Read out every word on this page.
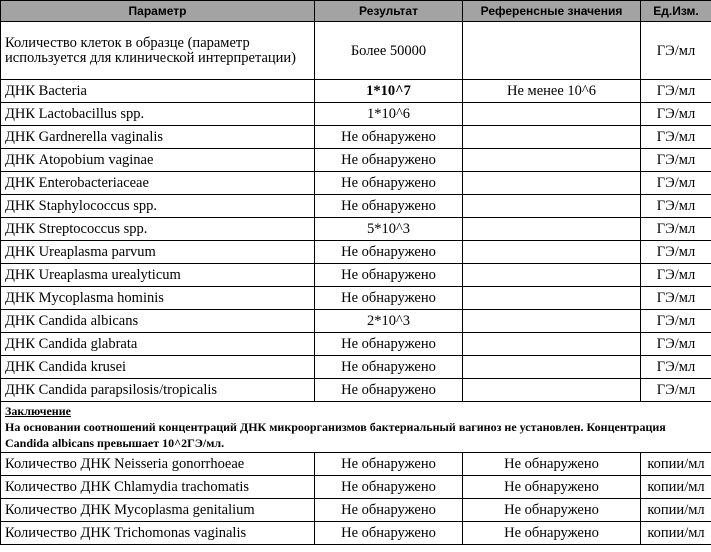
Параметр	Результат	Референсные значения	Ед.Изм.
Количество клеток в образце (параметр используется для клинической интерпретации)	Более 50000		ГЭ/мл
ДНК Bacteria	1*10^7	Не менее 10^6	ГЭ/мл
ДНК Lactobacillus spp.	1*10^6		ГЭ/мл
ДНК Gardnerella vaginalis	Не обнаружено		ГЭ/мл
ДНК Atopobium vaginae	Не обнаружено		ГЭ/мл
ДНК Enterobacteriaceae	Не обнаружено		ГЭ/мл
ДНК Staphylococcus spp.	Не обнаружено		ГЭ/мл
ДНК Streptococcus spp.	5*10^3		ГЭ/мл
ДНК Ureaplasma parvum	Не обнаружено		ГЭ/мл
ДНК Ureaplasma urealyticum	Не обнаружено		ГЭ/мл
ДНК Mycoplasma hominis	Не обнаружено		ГЭ/мл
ДНК Candida albicans	2*10^3		ГЭ/мл
ДНК Candida glabrata	Не обнаружено		ГЭ/мл
ДНК Candida krusei	Не обнаружено		ГЭ/мл
ДНК Candida parapsilosis/tropicalis	Не обнаружено		ГЭ/мл

Заключение
На основании соотношений концентраций ДНК микроорганизмов бактериальный вагиноз не установлен. Концентрация Candida albicans превышает 10^2ГЭ/мл.			

Количество ДНК Neisseria gonorrhoeae	Не обнаружено	Не обнаружено	копии/мл
Количество ДНК Chlamydia trachomatis	Не обнаружено	Не обнаружено	копии/мл
Количество ДНК Mycoplasma genitalium	Не обнаружено	Не обнаружено	копии/мл
Количество ДНК Trichomonas vaginalis	Не обнаружено	Не обнаружено	копии/мл
